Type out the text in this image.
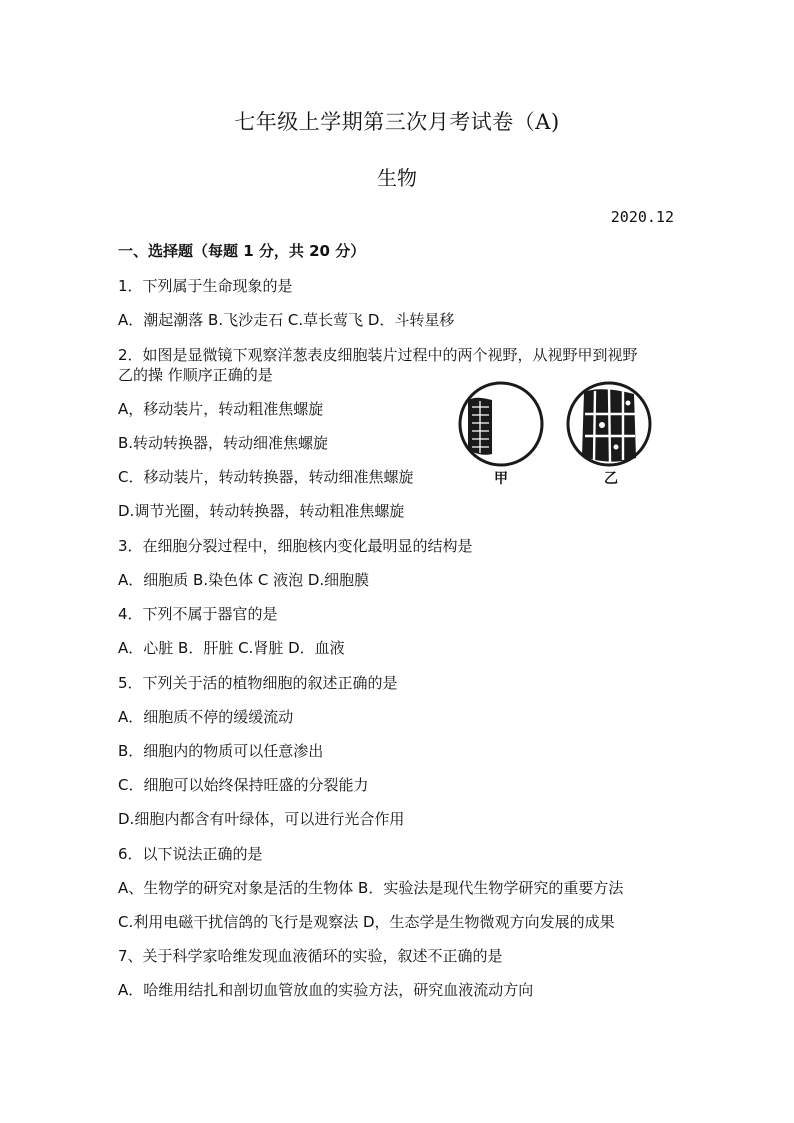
七年级上学期第三次月考试卷（A)
生物
2020.12
一、选择题（每题 1 分，共 20 分）
1．下列属于生命现象的是
A．潮起潮落 B.飞沙走石 C.草长莺飞 D．斗转星移
2．如图是显微镜下观察洋葱表皮细胞装片过程中的两个视野，从视野甲到视野
乙的操 作顺序正确的是
A，移动装片，转动粗准焦螺旋
B.转动转换器，转动细准焦螺旋
C．移动装片，转动转换器，转动细准焦螺旋
D.调节光圈，转动转换器，转动粗准焦螺旋
3．在细胞分裂过程中，细胞核内变化最明显的结构是
A．细胞质 B.染色体 C 液泡 D.细胞膜
4．下列不属于器官的是
A．心脏 B．肝脏 C.肾脏 D．血液
5．下列关于活的植物细胞的叙述正确的是
A．细胞质不停的缓缓流动
B．细胞内的物质可以任意渗出
C．细胞可以始终保持旺盛的分裂能力
D.细胞内都含有叶绿体，可以进行光合作用
6．以下说法正确的是
A、生物学的研究对象是活的生物体 B．实验法是现代生物学研究的重要方法
C.利用电磁干扰信鸽的飞行是观察法 D，生态学是生物微观方向发展的成果
7、关于科学家哈维发现血液循环的实验，叙述不正确的是
A．哈维用结扎和剖切血管放血的实验方法，研究血液流动方向
甲	乙
